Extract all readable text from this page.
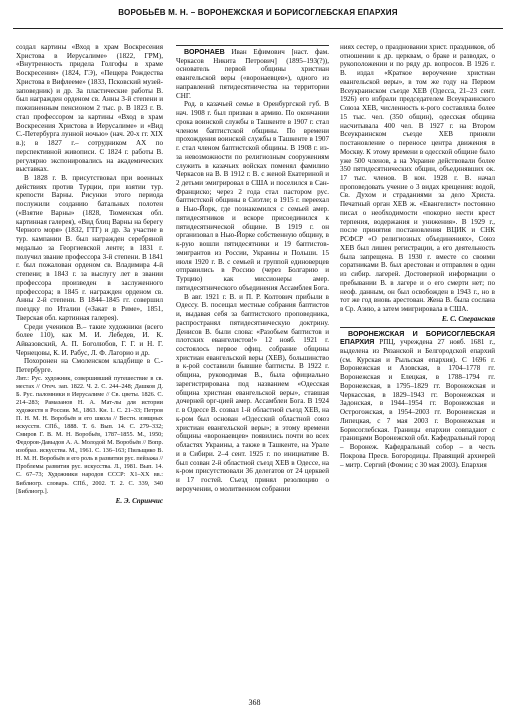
ВОРОБЬЁВ М. Н. – ВОРОНЕЖСКАЯ И БОРИСОГЛЕБСКАЯ ЕПАРХИЯ

создал картины «Вход в храм Воскресения Христова в Иерусалиме» (1822, ГРМ), «Внутренность придела Голгофы в храме Воскресения» (1824, ГЭ), «Пещера Рождества Христова в Вифлееме» (1833, Псковский музей-заповедник) и др. За пластические работы В. был награжден орденом св. Анны 3-й степени и пожизненным пенсионом 2 тыс. р. В 1823 г. В. стал профессором за картины «Вход в храм Воскресения Христова в Иерусалиме» и «Вид С.-Петербурга лунной ночью» (нач. 20-х гг. XIX в.); в 1827 г.– сотрудником АХ по перспективной живописи. С 1824 г. работы В. регулярно экспонировались на академических выставках.

В 1828 г. В. присутствовал при военных действиях против Турции, при взятии тур. крепости Варны. Рисунки этого периода послужили созданию батальных полотен («Взятие Варны» (1828, Тюменская обл. картинная галерея), «Вид блиц Варны на берегу Черного моря» (1832, ГТГ) и др. За участие в тур. кампании В. был награжден серебряной медалью за Георгиевской ленте; в 1831 г. получил звание профессора 3-й степени. В 1841 г. был пожалован орденом св. Владимира 4-й степени; в 1843 г. за выслугу лет в звании профессора произведен в заслуженного профессора; в 1845 г. награжден орденом св. Анны 2-й степени. В 1844–1845 гг. совершил поездку по Италии («Закат в Риме», 1851, Тверская обл. картинная галерея).

Среди учеников В.– такие художники (всего более 110), как М. И. Лебедев, И. К. Айвазовский, А. П. Боголюбов, Г. Г. и Н. Г. Чернецовы, К. И. Рабус, Л. Ф. Лагорио и др.

Похоронен на Смоленском кладбище в С.-Петербурге.

Лит.: Рус. художник, совершивший путешествие в св. местах // Отеч. зап. 1822. Ч. 2. С. 244–248; Дашков Д. Б. Рус. паломники в Иерусалиме // Св. цветы. 1826. С. 214–283; Рамазанов Н. А. Мат-лы для истории художеств в России. М., 1863. Кн. 1. С. 21–33; Петров П. Н. М. Н. Воробьёв и его школа // Вестн. изящных искусств. СПб., 1888. Т. 6. Вып. 14. С. 279–332; Смиров Г. В. М. Н. Воробьёв, 1787–1855. М., 1950; Федоров-Давыдов А. А. Молодой М. Воробьёв // Вопр. изобраз. искусства. М., 1961. С. 136–163; Пильщико В. Н. М. Н. Воробьёв и его роль в развитии рус. пейзажа // Проблемы развития рус. искусства. Л., 1981. Вып. 14. С. 67–73; Художники народов СССР: Х1–ХХ вв.: Библиогр. словарь. СПб., 2002. Т. 2. С. 339, 340 [Библиогр.].

Е. Э. Спринчис

ВОРОНАЕВ Иван Ефимович [наст. фам. Черкасов Никита Петрович] (1895–193(?)), основатель первой общины христиан евангельской веры («воронаевцев»), одного из направлений пятидесятничества на территории СНГ.

Род. в казачьей семье в Оренбургской губ. В нач. 1908 г. был призван в армию. По окончании срока воинской службы в Ташкенте в 1907 г. стал членом баптистской общины. По времени прохождения воинской службы в Ташкенте в 1907 г. стал членом баптистской общины. В 1908 г. из-за невозможности по религиозным сооружениям служить в казачьих войсках поменял фамилию Черкасов на В. В 1912 г. В. с женой Екатериной и 2 детьми эмигрировал в США и поселился в Сан-Франциско; через 2 года стал пастором рус. баптистской общины в Сиэтле; в 1915 г. переехал в Нью-Йорк, где познакомился с семьей амер. пятидесятников и вскоре присоединился к пятидесятнической общине. В 1919 г. он организовал в Нью-Йорке собственную общину, в к-рую вошли пятидесятники и 19 баптистов-эмигрантов из России, Украины и Польши. 15 июля 1920 г. В. с семьей и группой единоверцев отправились в Россию (через Болгарию и Турцию) как миссионеры амер. пятидесятнического объединения Ассамблея Бога.

В авг. 1921 г. В. и П. Р. Колтович прибыли в Одессу. В. посещал местные собрания баптистов и, выдавая себя за баптистского проповедника, распространял пятидесятническую доктрину. Денисов В. были слова: «Разобьем баптистов и плотских евангелистов!» 12 нояб. 1921 г. состоялось первое офиц. собрание общины христиан евангельской веры (ХЕВ), большинство в к-рой составили бывшие баптисты. В 1922 г. община, руководимая В., была официально зарегистрирована под названием «Одесская община христиан евангельской веры», ставшая дочерней орг-цией амер. Ассамблеи Бога. В 1924 г. в Одессе В. созвал 1-й областной съезд ХЕВ, на к-ром был основан «Одесский областной союз христиан евангельской веры»; в этому времени общины «воронаевцев» появились почти во всех областях Украины, а также в Ташкенте, на Урале и в Сибири. 2–4 сент. 1925 г. по инициативе В. был созван 2-й областной съезд ХЕВ в Одессе, на к-ром присутствовали 36 делегатов от 24 церквей и 17 гостей. Съезд принял резолюцию о вероучении, о молитвенном собрании

ниях сестер, о праздновании христ. праздников, об отношении к др. церквам, о браке и разводах, о рукоположении и по ряду др. вопросов. В 1926 г. В. издал «Краткое вероучение христиан евангельской веры», в том же году на Первом Всеукраинском съезде ХЕВ (Одесса, 21–23 сент. 1926) его избрали председателем Всеукраинского Союза ХЕВ, численность к-рого составляла более 15 тыс. чел. (350 общин), одесская община насчитывала 400 чел. В 1927 г. на Втором Всеукраинском съезде ХЕВ приняли постановление о переносе центра движения в Москву. К этому времени в одесской общине было уже 500 членов, а на Украине действовали более 350 пятидесятнических общин, объединявших ок. 17 тыс. членов. В кон. 1928 г. В. начал проповедовать учение о 3 видах крещения: водой, Св. Духом и страданиями за дело Христа. Печатный орган ХЕВ ж. «Евангелист» постоянно писал о необходимости «покорно нести крест терпения, водержания и унижения». В 1929 г., после принятия постановления ВЦИК и СНК РСФСР «О религиозных объединениях», Союз ХЕВ был лишен регистрации, а его деятельность была запрещена. В 1930 г. вместе со своими соратниками В. был арестован и отправлен в один из сибир. лагерей. Достоверной информации о пребывании В. в лагере и о его смерти нет; по неоф. данным, он был освобожден в 1943 г., но в тот же год вновь арестован. Жена В. была сослана в Ср. Азию, а затем эмигрировала в США.

Е. С. Сперанская

ВОРОНЕЖСКАЯ И БОРИСОГЛЕБСКАЯ ЕПАРХИЯ РПЦ, учреждена 27 нояб. 1681 г., выделена из Рязанской и Белгородской епархий (см. Курская и Рыльская епархия). С 1696 г. Воронежская и Азовская, в 1704–1778 гг. Воронежская и Елецкая, в 1788–1794 гг. Воронежская, в 1795–1829 гг. Воронежская и Черкасская, в 1829–1943 гг. Воронежская и Задонская, в 1944–1954 гг. Воронежская и Острогожская, в 1954–2003 гг. Воронежская и Липецкая, с 7 мая 2003 г. Воронежская и Борисоглебская. Границы епархии совпадают с границами Воронежской обл. Кафедральный город – Воронеж. Кафедральный собор – в честь Покрова Пресв. Богородицы. Правящий архиерей – митр. Сергий (Фомин; с 30 мая 2003). Епархия

368
